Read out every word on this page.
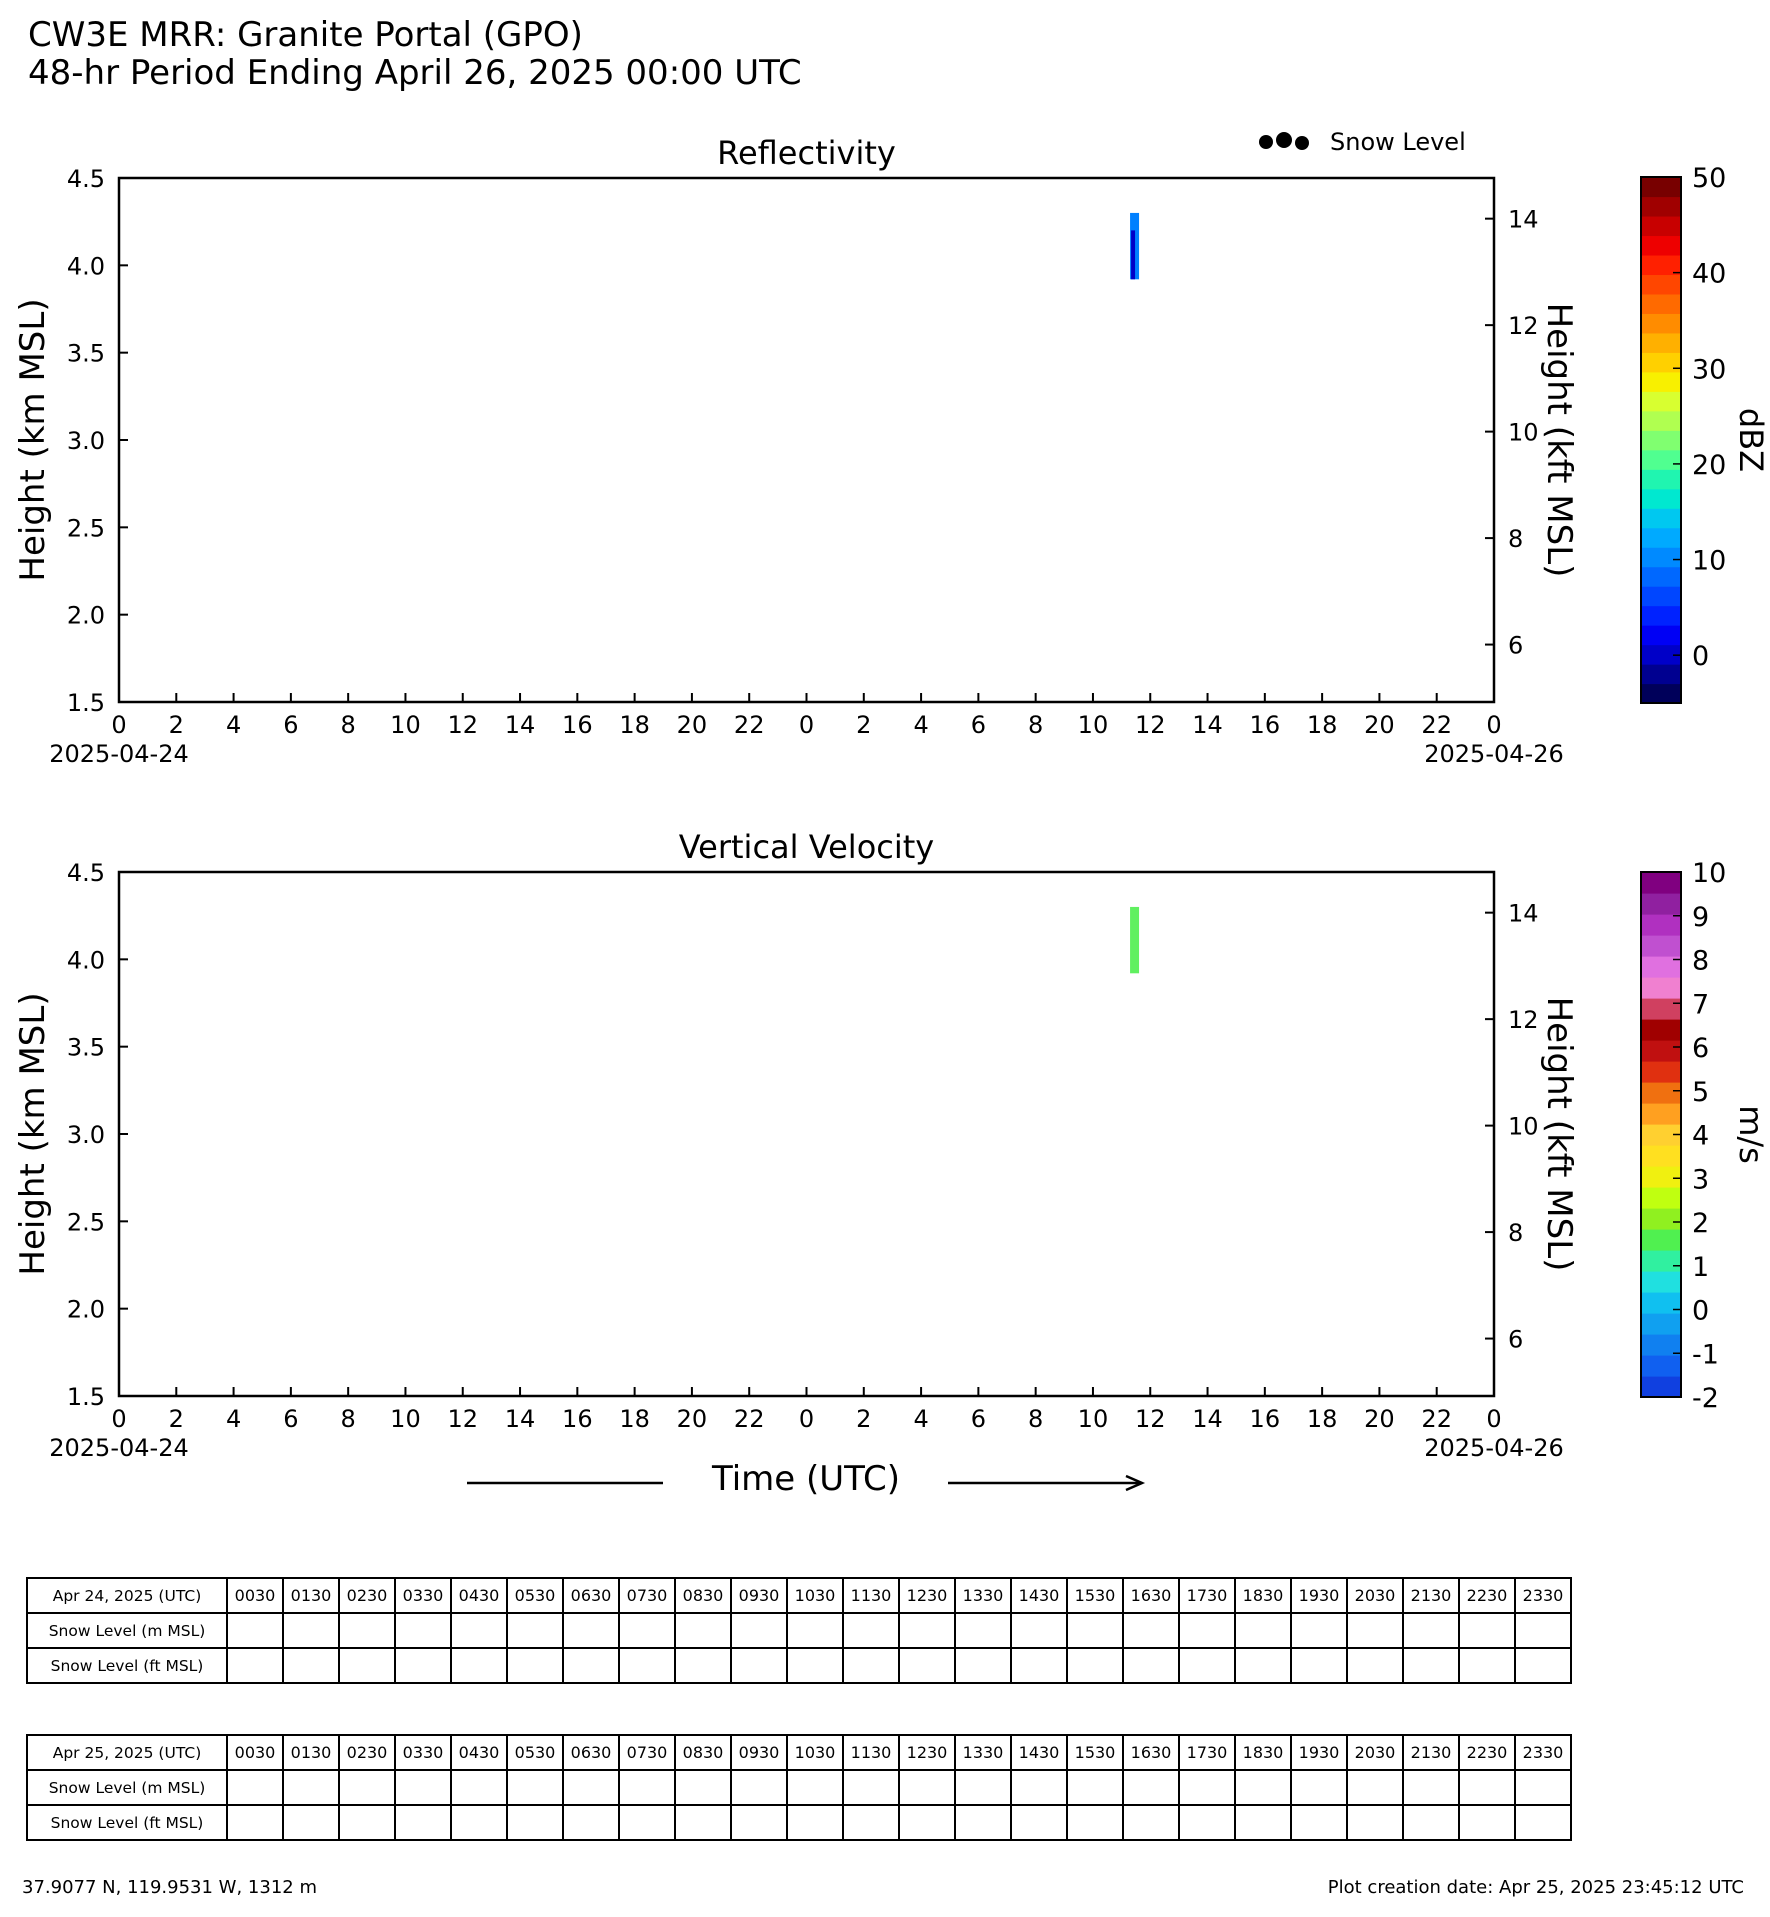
CW3E MRR: Granite Portal (GPO)
48-hr Period Ending April 26, 2025 00:00 UTC
Snow Level
Reflectivity
1.5
2.0
2.5
3.0
3.5
4.0
4.5
6
8
10
12
14
Height (km MSL)	Height (kft MSL)
0 2 4 6 8 10 12 14 16 18 20 22 0 2 4 6 8 10 12 14 16 18 20 22 0
2025-04-24	2025-04-26
0
10
20
30
40
50
dBZ
Vertical Velocity
1.5
2.0
2.5
3.0
3.5
4.0
4.5
6
8
10
12
14
Height (km MSL)	Height (kft MSL)
0 2 4 6 8 10 12 14 16 18 20 22 0 2 4 6 8 10 12 14 16 18 20 22 0
2025-04-24	2025-04-26
-2
-1
0
1
2
3
4
5
6
7
8
9
10
m/s
Time (UTC)
Apr 24, 2025 (UTC)	0030	0130	0230	0330	0430	0530	0630	0730	0830	0930	1030	1130	1230	1330	1430	1530	1630	1730	1830	1930	2030	2130	2230	2330
Snow Level (m MSL)																								
Snow Level (ft MSL)																								
Apr 25, 2025 (UTC)	0030	0130	0230	0330	0430	0530	0630	0730	0830	0930	1030	1130	1230	1330	1430	1530	1630	1730	1830	1930	2030	2130	2230	2330
Snow Level (m MSL)																								
Snow Level (ft MSL)																								
37.9077 N, 119.9531 W, 1312 m	Plot creation date: Apr 25, 2025 23:45:12 UTC
